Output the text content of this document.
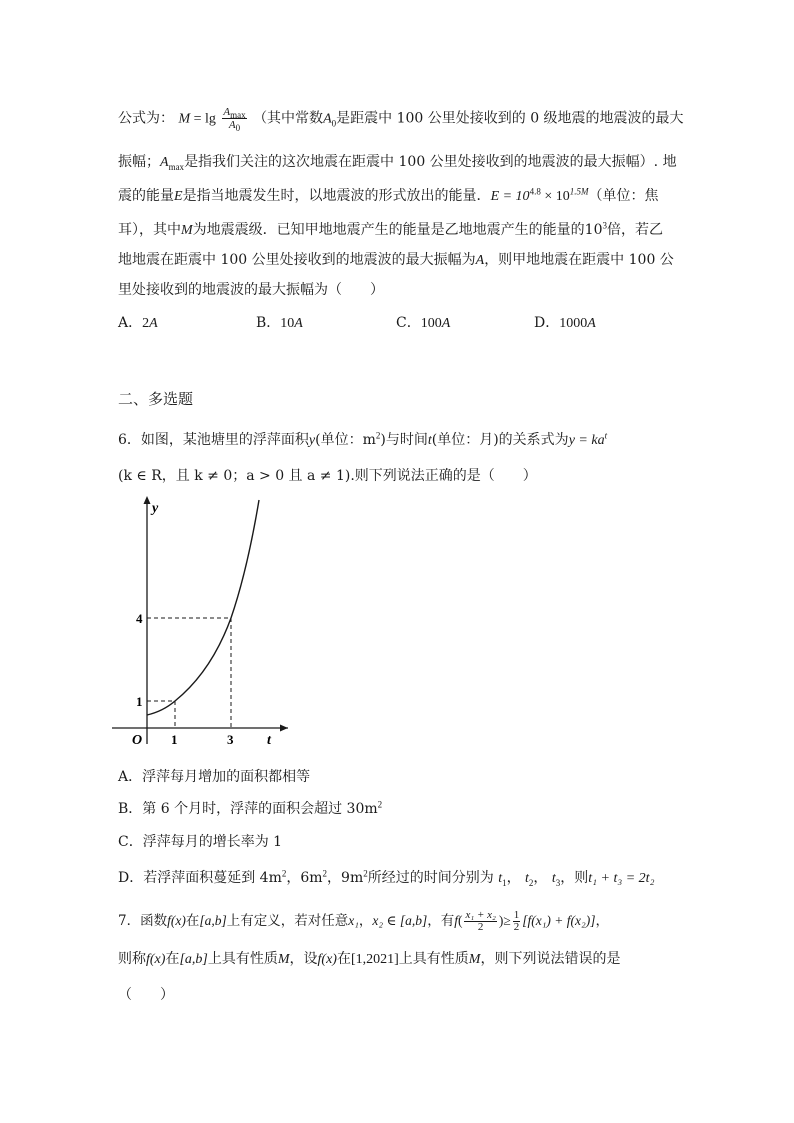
公式为： $M = \lg \frac{A_{max}}{A_0}$ （其中常数$A_0$是距震中 100 公里处接收到的 0 级地震的地震波的最大
振幅；$A_{max}$是指我们关注的这次地震在距震中 100 公里处接收到的地震波的最大振幅）. 地
震的能量E是指当地震发生时，以地震波的形式放出的能量．$E = 10^{4.8} \times 10^{1.5M}$（单位：焦
耳），其中M为地震震级．已知甲地地震产生的能量是乙地地震产生的能量的$10^3$倍，若乙
地地震在距震中 100 公里处接收到的地震波的最大振幅为A，则甲地地震在距震中 100 公
里处接收到的地震波的最大振幅为（　　）
A．2A	B．10A	C．100A	D．1000A
二、多选题
6．如图，某池塘里的浮萍面积y(单位：$m^2$)与时间t(单位：月)的关系式为$y = ka^t$
(k ∈ R，且 k ≠ 0；a > 0 且 a ≠ 1).则下列说法正确的是（　　）
y
t
O 1	3
1
4
A．浮萍每月增加的面积都相等
B．第 6 个月时，浮萍的面积会超过 $30m^2$
C．浮萍每月的增长率为 1
D．若浮萍面积蔓延到 $4m^2$，$6m^2$，$9m^2$所经过的时间分别为 $t_1$， $t_2$， $t_3$，则t₁ + t₃ = 2t₂
7．函数f(x)在[a,b]上有定义，若对任意x₁，x₂ ∈ [a,b]，有$f( \frac{\text{x₁ + x₂}}{2}$ )≥ $\frac{1}{2} [f(x_1) + f(x_2)]$，
则称f(x)在[a,b]上具有性质M，设f(x)在[1,2021]上具有性质M，则下列说法错误的是
（　　）
